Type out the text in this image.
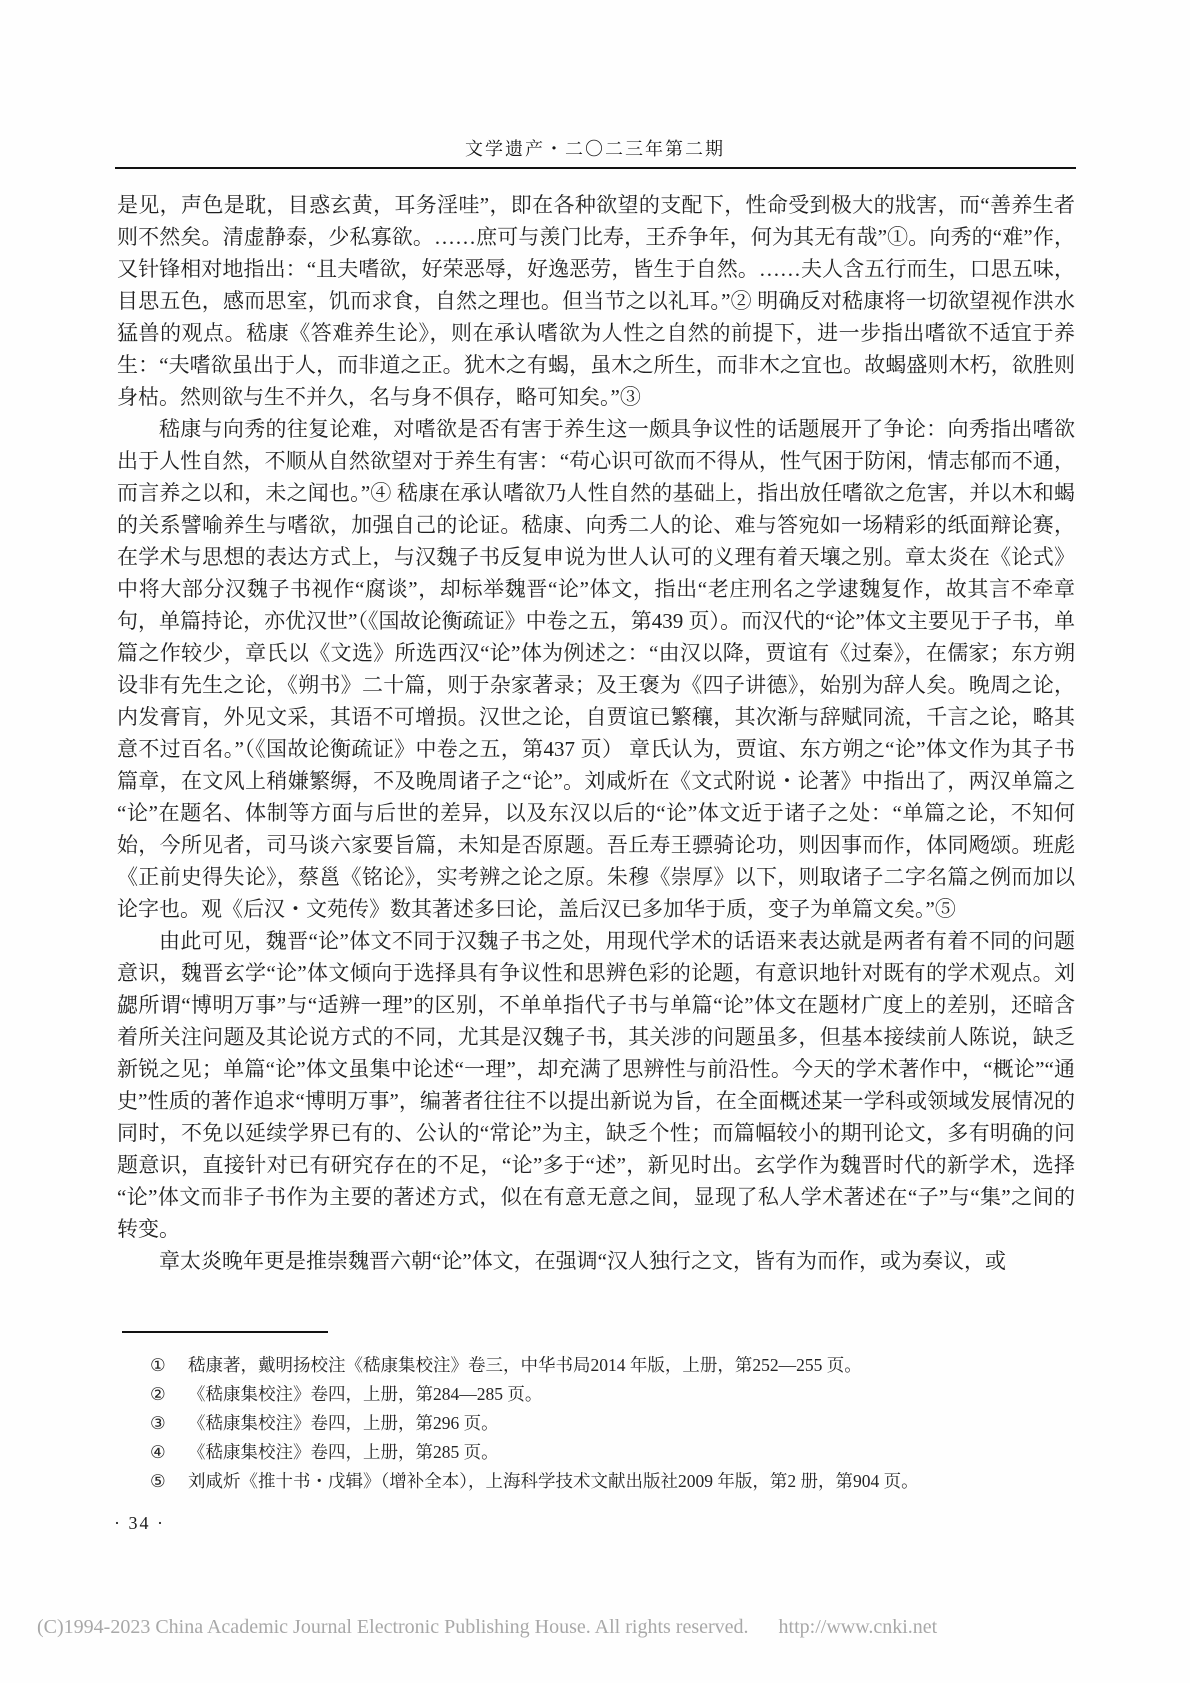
文学遗产・二〇二三年第二期

是见，声色是耽，目惑玄黄，耳务淫哇”，即在各种欲望的支配下，性命受到极大的戕害，而“善养生者则不然矣。清虚静泰，少私寡欲。……庶可与羡门比寿，王乔争年，何为其无有哉”①。向秀的“难”作，又针锋相对地指出：“且夫嗜欲，好荣恶辱，好逸恶劳，皆生于自然。……夫人含五行而生，口思五味，目思五色，感而思室，饥而求食，自然之理也。但当节之以礼耳。”② 明确反对嵇康将一切欲望视作洪水猛兽的观点。嵇康《答难养生论》，则在承认嗜欲为人性之自然的前提下，进一步指出嗜欲不适宜于养生：“夫嗜欲虽出于人，而非道之正。犹木之有蝎，虽木之所生，而非木之宜也。故蝎盛则木朽，欲胜则身枯。然则欲与生不并久，名与身不俱存，略可知矣。”③

嵇康与向秀的往复论难，对嗜欲是否有害于养生这一颇具争议性的话题展开了争论：向秀指出嗜欲出于人性自然，不顺从自然欲望对于养生有害：“苟心识可欲而不得从，性气困于防闲，情志郁而不通，而言养之以和，未之闻也。”④ 嵇康在承认嗜欲乃人性自然的基础上，指出放任嗜欲之危害，并以木和蝎的关系譬喻养生与嗜欲，加强自己的论证。嵇康、向秀二人的论、难与答宛如一场精彩的纸面辩论赛，在学术与思想的表达方式上，与汉魏子书反复申说为世人认可的义理有着天壤之别。章太炎在《论式》中将大部分汉魏子书视作“腐谈”，却标举魏晋“论”体文，指出“老庄刑名之学逮魏复作，故其言不牵章句，单篇持论，亦优汉世”（《国故论衡疏证》中卷之五，第439 页）。而汉代的“论”体文主要见于子书，单篇之作较少，章氏以《文选》所选西汉“论”体为例述之：“由汉以降，贾谊有《过秦》，在儒家；东方朔设非有先生之论，《朔书》二十篇，则于杂家著录；及王褒为《四子讲德》，始别为辞人矣。晚周之论，内发膏肓，外见文采，其语不可增损。汉世之论，自贾谊已繁穰，其次渐与辞赋同流，千言之论，略其意不过百名。”（《国故论衡疏证》中卷之五，第437 页） 章氏认为，贾谊、东方朔之“论”体文作为其子书篇章，在文风上稍嫌繁缛，不及晚周诸子之“论”。刘咸炘在《文式附说・论著》中指出了，两汉单篇之“论”在题名、体制等方面与后世的差异，以及东汉以后的“论”体文近于诸子之处：“单篇之论，不知何始，今所见者，司马谈六家要旨篇，未知是否原题。吾丘寿王骠骑论功，则因事而作，体同飏颂。班彪《正前史得失论》，蔡邕《铭论》，实考辨之论之原。朱穆《崇厚》以下，则取诸子二字名篇之例而加以论字也。观《后汉・文苑传》数其著述多曰论，盖后汉已多加华于质，变子为单篇文矣。”⑤

由此可见，魏晋“论”体文不同于汉魏子书之处，用现代学术的话语来表达就是两者有着不同的问题意识，魏晋玄学“论”体文倾向于选择具有争议性和思辨色彩的论题，有意识地针对既有的学术观点。刘勰所谓“博明万事”与“适辨一理”的区别，不单单指代子书与单篇“论”体文在题材广度上的差别，还暗含着所关注问题及其论说方式的不同，尤其是汉魏子书，其关涉的问题虽多，但基本接续前人陈说，缺乏新锐之见；单篇“论”体文虽集中论述“一理”，却充满了思辨性与前沿性。今天的学术著作中，“概论”“通史”性质的著作追求“博明万事”，编著者往往不以提出新说为旨，在全面概述某一学科或领域发展情况的同时，不免以延续学界已有的、公认的“常论”为主，缺乏个性；而篇幅较小的期刊论文，多有明确的问题意识，直接针对已有研究存在的不足，“论”多于“述”，新见时出。玄学作为魏晋时代的新学术，选择“论”体文而非子书作为主要的著述方式，似在有意无意之间，显现了私人学术著述在“子”与“集”之间的转变。

章太炎晚年更是推崇魏晋六朝“论”体文，在强调“汉人独行之文，皆有为而作，或为奏议，或

①	嵇康著，戴明扬校注《嵇康集校注》卷三，中华书局2014 年版，上册，第252—255 页。
②	《嵇康集校注》卷四，上册，第284—285 页。
③	《嵇康集校注》卷四，上册，第296 页。
④	《嵇康集校注》卷四，上册，第285 页。
⑤	刘咸炘《推十书・戊辑》（增补全本），上海科学技术文献出版社2009 年版，第2 册，第904 页。
· 34 ·
(C)1994-2023 China Academic Journal Electronic Publishing House. All rights reserved. http://www.cnki.net
